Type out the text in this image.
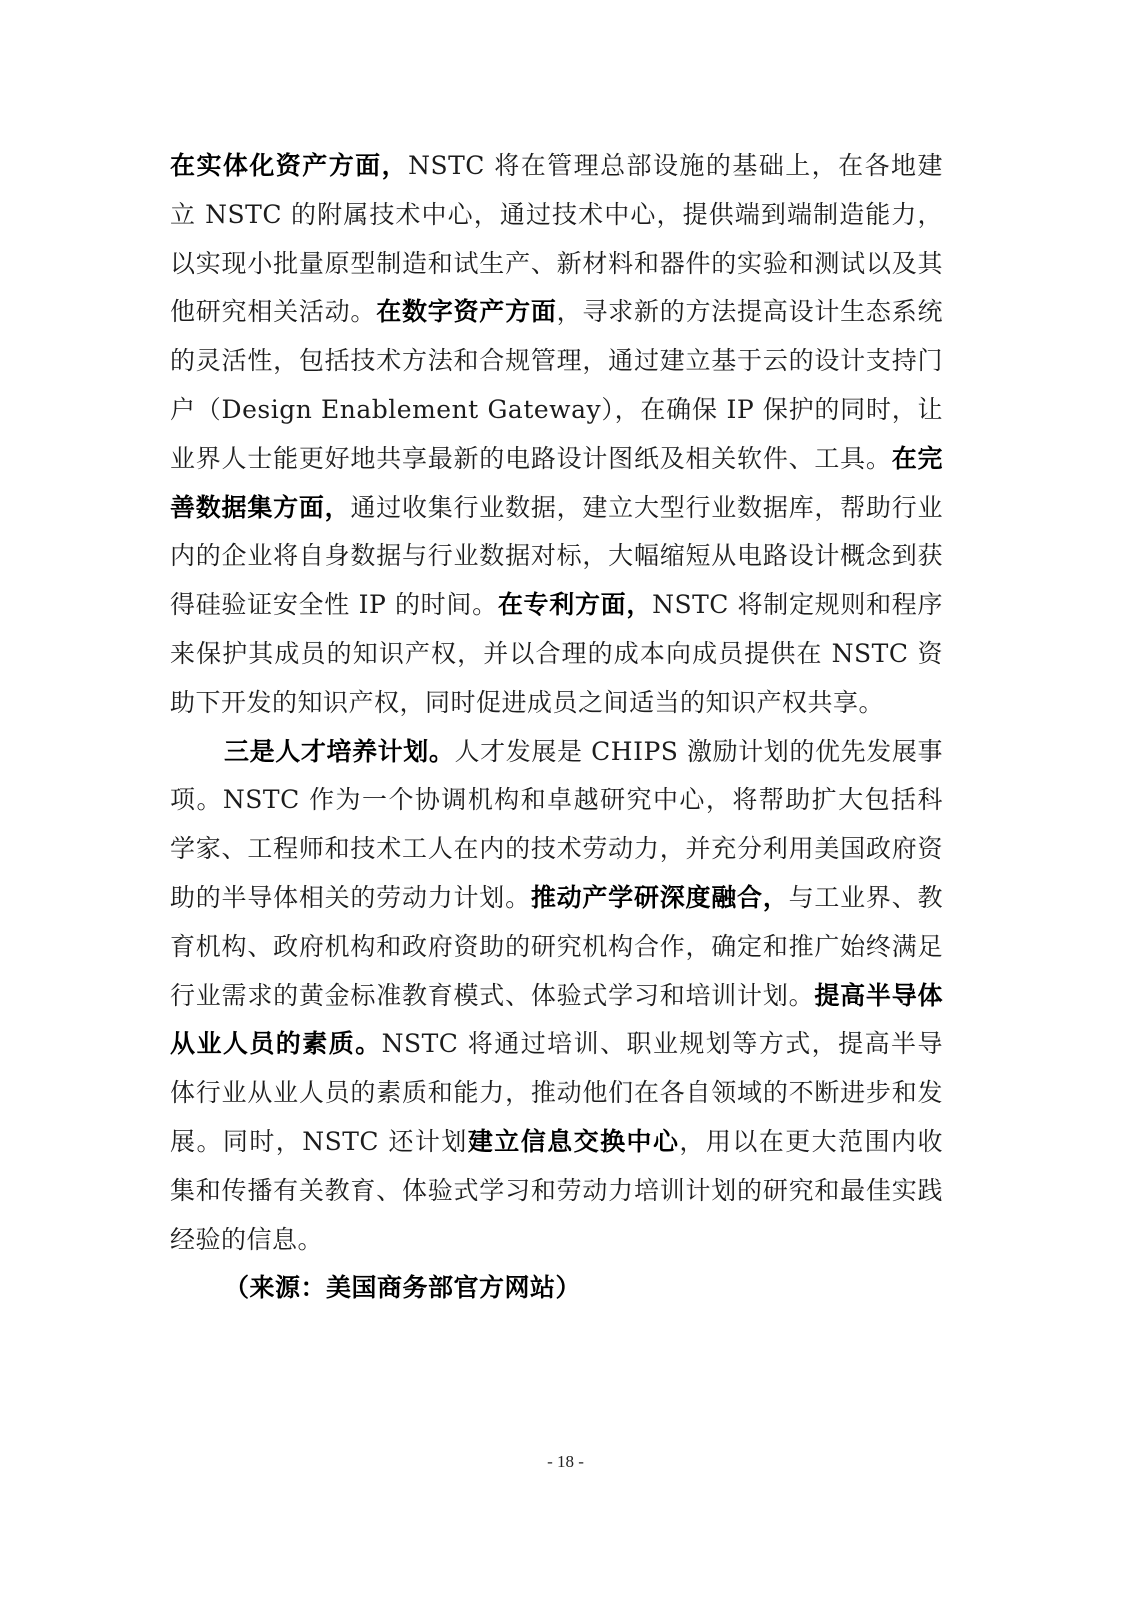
在实体化资产方面，NSTC 将在管理总部设施的基础上，在各地建立 NSTC 的附属技术中心，通过技术中心，提供端到端制造能力，以实现小批量原型制造和试生产、新材料和器件的实验和测试以及其他研究相关活动。在数字资产方面，寻求新的方法提高设计生态系统的灵活性，包括技术方法和合规管理，通过建立基于云的设计支持门户（Design Enablement Gateway），在确保 IP 保护的同时，让业界人士能更好地共享最新的电路设计图纸及相关软件、工具。在完善数据集方面，通过收集行业数据，建立大型行业数据库，帮助行业内的企业将自身数据与行业数据对标，大幅缩短从电路设计概念到获得硅验证安全性 IP 的时间。在专利方面，NSTC 将制定规则和程序来保护其成员的知识产权，并以合理的成本向成员提供在 NSTC 资助下开发的知识产权，同时促进成员之间适当的知识产权共享。

三是人才培养计划。人才发展是 CHIPS 激励计划的优先发展事项。NSTC 作为一个协调机构和卓越研究中心，将帮助扩大包括科学家、工程师和技术工人在内的技术劳动力，并充分利用美国政府资助的半导体相关的劳动力计划。推动产学研深度融合，与工业界、教育机构、政府机构和政府资助的研究机构合作，确定和推广始终满足行业需求的黄金标准教育模式、体验式学习和培训计划。提高半导体从业人员的素质。NSTC 将通过培训、职业规划等方式，提高半导体行业从业人员的素质和能力，推动他们在各自领域的不断进步和发展。同时，NSTC 还计划建立信息交换中心，用以在更大范围内收集和传播有关教育、体验式学习和劳动力培训计划的研究和最佳实践经验的信息。

（来源：美国商务部官方网站）

- 18 -
